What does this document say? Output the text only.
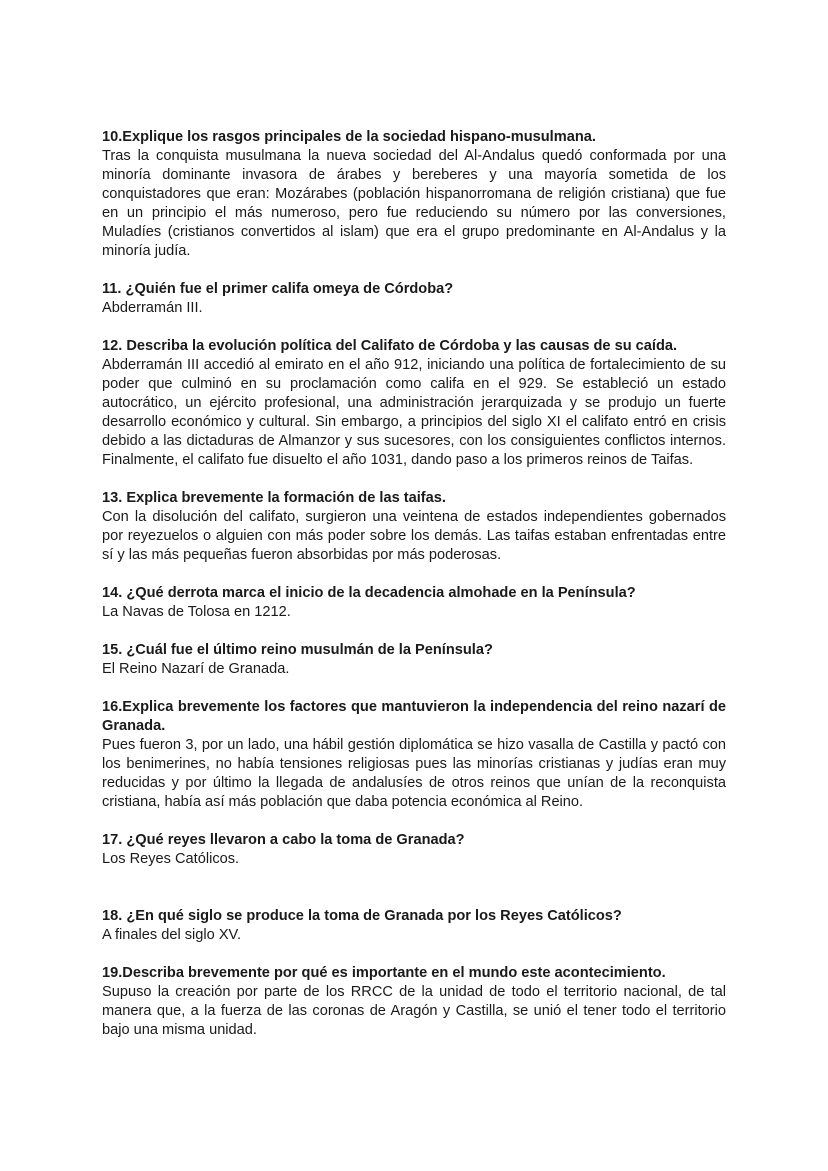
10.Explique los rasgos principales de la sociedad hispano-musulmana.

Tras la conquista musulmana la nueva sociedad del Al-Andalus quedó conformada por una minoría dominante invasora de árabes y bereberes y una mayoría sometida de los conquistadores que eran: Mozárabes (población hispanorromana de religión cristiana) que fue en un principio el más numeroso, pero fue reduciendo su número por las conversiones, Muladíes (cristianos convertidos al islam) que era el grupo predominante en Al-Andalus y la minoría judía.

11. ¿Quién fue el primer califa omeya de Córdoba?

Abderramán III.

12. Describa la evolución política del Califato de Córdoba y las causas de su caída.

Abderramán III accedió al emirato en el año 912, iniciando una política de fortalecimiento de su poder que culminó en su proclamación como califa en el 929. Se estableció un estado autocrático, un ejército profesional, una administración jerarquizada y se produjo un fuerte desarrollo económico y cultural. Sin embargo, a principios del siglo XI el califato entró en crisis debido a las dictaduras de Almanzor y sus sucesores, con los consiguientes conflictos internos. Finalmente, el califato fue disuelto el año 1031, dando paso a los primeros reinos de Taifas.

13. Explica brevemente la formación de las taifas.

Con la disolución del califato, surgieron una veintena de estados independientes gobernados por reyezuelos o alguien con más poder sobre los demás. Las taifas estaban enfrentadas entre sí y las más pequeñas fueron absorbidas por más poderosas.

14. ¿Qué derrota marca el inicio de la decadencia almohade en la Península?

La Navas de Tolosa en 1212.

15. ¿Cuál fue el último reino musulmán de la Península?

El Reino Nazarí de Granada.

16.Explica brevemente los factores que mantuvieron la independencia del reino nazarí de Granada.

Pues fueron 3, por un lado, una hábil gestión diplomática se hizo vasalla de Castilla y pactó con los benimerines, no había tensiones religiosas pues las minorías cristianas y judías eran muy reducidas y por último la llegada de andalusíes de otros reinos que unían de la reconquista cristiana, había así más población que daba potencia económica al Reino.

17. ¿Qué reyes llevaron a cabo la toma de Granada?

Los Reyes Católicos.

18. ¿En qué siglo se produce la toma de Granada por los Reyes Católicos?

A finales del siglo XV.

19.Describa brevemente por qué es importante en el mundo este acontecimiento.

Supuso la creación por parte de los RRCC de la unidad de todo el territorio nacional, de tal manera que, a la fuerza de las coronas de Aragón y Castilla, se unió el tener todo el territorio bajo una misma unidad.
